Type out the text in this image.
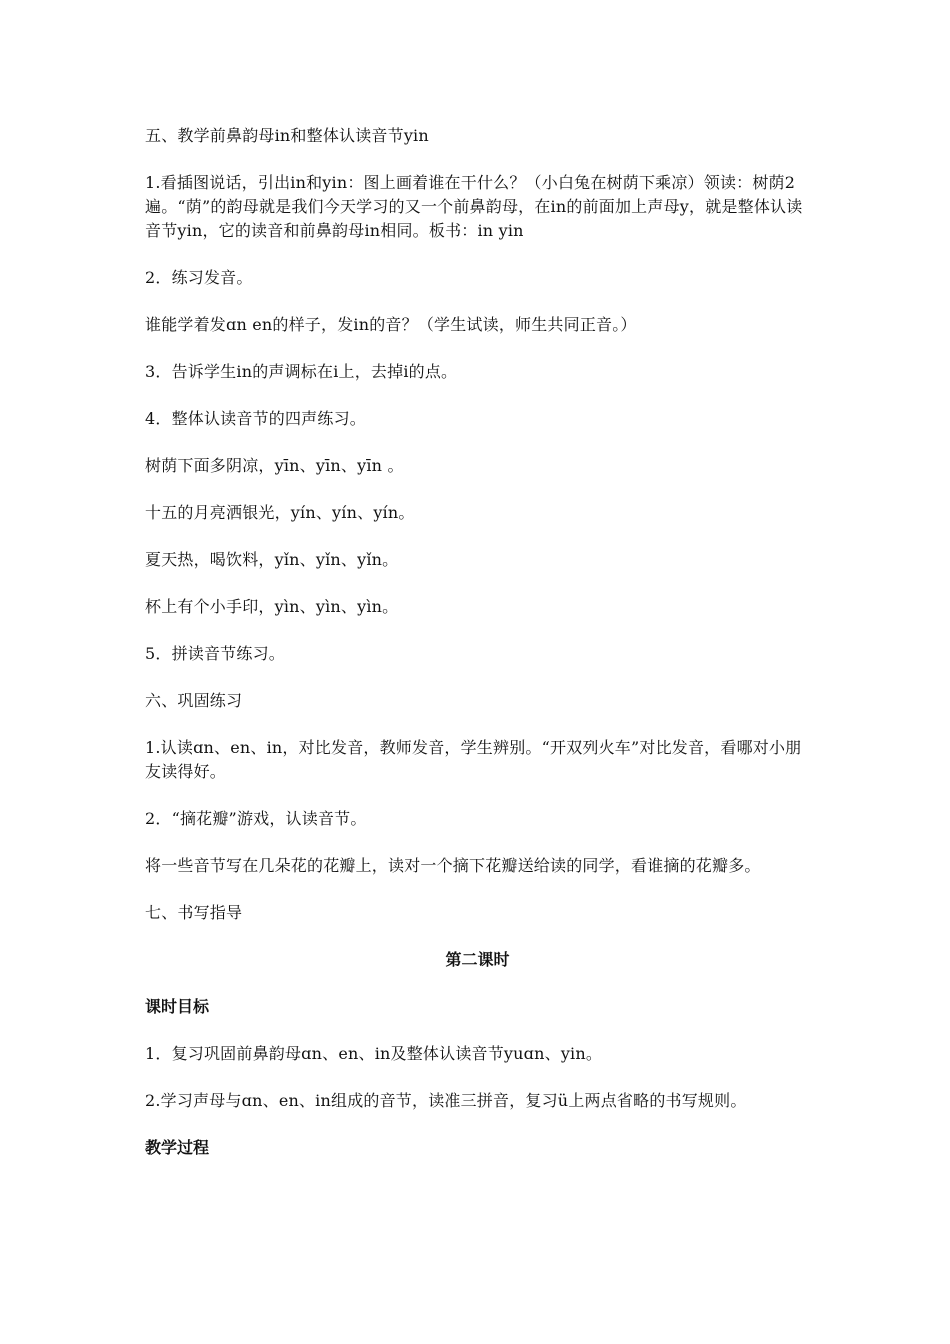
五、教学前鼻韵母in和整体认读音节yin

1.看插图说话，引出in和yin：图上画着谁在干什么？（小白兔在树荫下乘凉）领读：树荫2遍。“荫”的韵母就是我们今天学习的又一个前鼻韵母，在in的前面加上声母y，就是整体认读音节yin，它的读音和前鼻韵母in相同。板书：in yin

2．练习发音。

谁能学着发ɑn en的样子，发in的音？（学生试读，师生共同正音。）

3．告诉学生in的声调标在i上，去掉i的点。

4．整体认读音节的四声练习。

树荫下面多阴凉，yīn、yīn、yīn 。

十五的月亮洒银光，yín、yín、yín。

夏天热，喝饮料，yǐn、yǐn、yǐn。

杯上有个小手印，yìn、yìn、yìn。

5．拼读音节练习。

六、巩固练习

1.认读ɑn、en、in，对比发音，教师发音，学生辨别。“开双列火车”对比发音，看哪对小朋友读得好。

2．“摘花瓣”游戏，认读音节。

将一些音节写在几朵花的花瓣上，读对一个摘下花瓣送给读的同学，看谁摘的花瓣多。

七、书写指导

第二课时

课时目标

1．复习巩固前鼻韵母ɑn、en、in及整体认读音节yuɑn、yin。

2.学习声母与ɑn、en、in组成的音节，读准三拼音，复习ü上两点省略的书写规则。

教学过程
